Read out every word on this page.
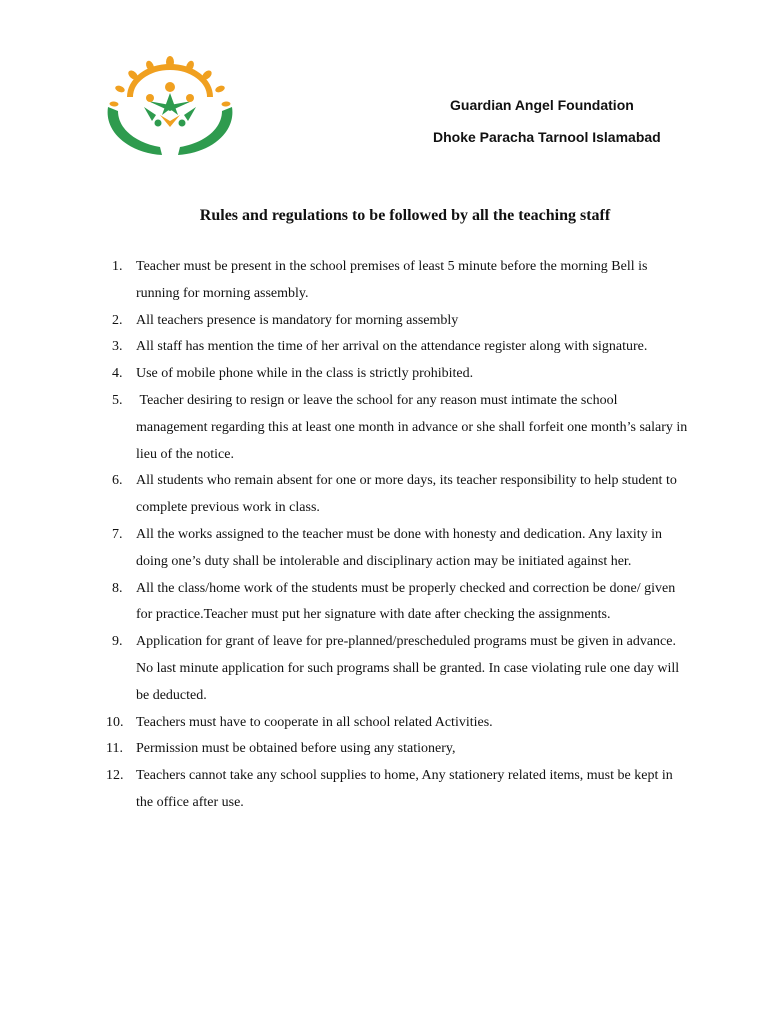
Guardian Angel Foundation
Dhoke Paracha Tarnool Islamabad
Rules and regulations to be followed by all the teaching staff
1. Teacher must be present in the school premises of least 5 minute before the morning Bell is running for morning assembly.
2. All teachers presence is mandatory for morning assembly
3. All staff has mention the time of her arrival on the attendance register along with signature.
4. Use of mobile phone while in the class is strictly prohibited.
5. Teacher desiring to resign or leave the school for any reason must intimate the school management regarding this at least one month in advance or she shall forfeit one month’s salary in lieu of the notice.
6. All students who remain absent for one or more days, its teacher responsibility to help student to complete previous work in class.
7. All the works assigned to the teacher must be done with honesty and dedication. Any laxity in doing one’s duty shall be intolerable and disciplinary action may be initiated against her.
8. All the class/home work of the students must be properly checked and correction be done/ given for practice.Teacher must put her signature with date after checking the assignments.
9. Application for grant of leave for pre-planned/prescheduled programs must be given in advance. No last minute application for such programs shall be granted. In case violating rule one day will be deducted.
10. Teachers must have to cooperate in all school related Activities.
11. Permission must be obtained before using any stationery,
12. Teachers cannot take any school supplies to home, Any stationery related items, must be kept in the office after use.
